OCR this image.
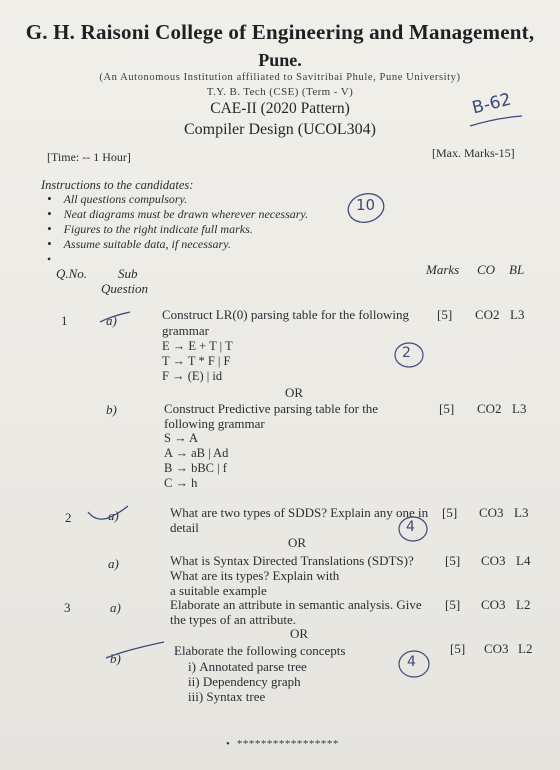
G. H. Raisoni College of Engineering and Management,
Pune.
(An Autonomous Institution affiliated to Savitribai Phule, Pune University)
T.Y. B. Tech (CSE) (Term - V)
CAE-II (2020 Pattern)
Compiler Design (UCOL304)
[Time: -- 1 Hour]	[Max. Marks-15]
Instructions to the candidates:
• All questions compulsory.
• Neat diagrams must be drawn wherever necessary.
• Figures to the right indicate full marks.
• Assume suitable data, if necessary.
•
Q.No. Sub
Question
Marks CO BL
1	a)	Construct LR(0) parsing table for the following
grammar
E → E + T | T
T → T * F | F
F → (E) | id
[5] CO2 L3
OR
b)	Construct Predictive parsing table for the
following grammar
S → A
A → aB | Ad
B → bBC | f
C → h
[5] CO2 L3
2	a)	What are two types of SDDS? Explain any one in
detail
[5] CO3 L3
OR
a)	What is Syntax Directed Translations (SDTS)?
What are its types? Explain with
a suitable example
[5] CO3 L4
3	a)	Elaborate an attribute in semantic analysis. Give
the types of an attribute.
[5] CO3 L2
OR
b)
Elaborate the following concepts
i) Annotated parse tree
ii) Dependency graph
iii) Syntax tree
[5] CO3 L2
• *****************
B-62
10
2
4
4
